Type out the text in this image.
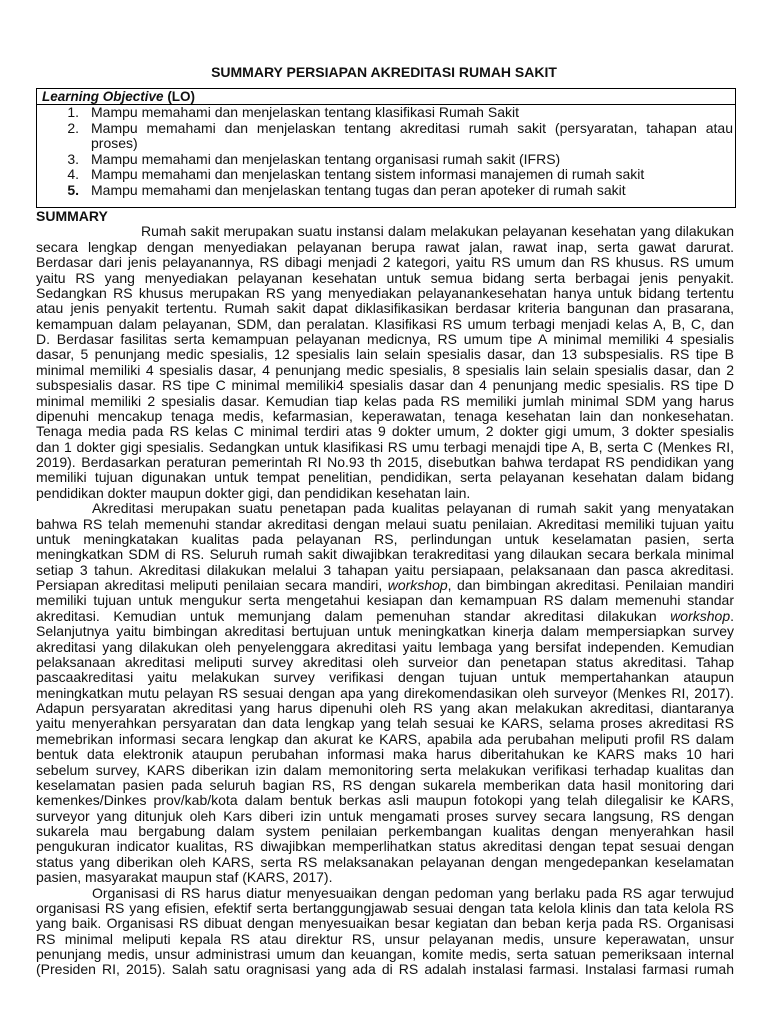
SUMMARY PERSIAPAN AKREDITASI RUMAH SAKIT
Learning Objective (LO)
1. Mampu memahami dan menjelaskan tentang klasifikasi Rumah Sakit
2. Mampu memahami dan menjelaskan tentang akreditasi rumah sakit (persyaratan, tahapan atau
proses)
3. Mampu memahami dan menjelaskan tentang organisasi rumah sakit (IFRS)
4. Mampu memahami dan menjelaskan tentang sistem informasi manajemen di rumah sakit
5. Mampu memahami dan menjelaskan tentang tugas dan peran apoteker di rumah sakit
SUMMARY
Rumah sakit merupakan suatu instansi dalam melakukan pelayanan kesehatan yang dilakukan
secara lengkap dengan menyediakan pelayanan berupa rawat jalan, rawat inap, serta gawat darurat.
Berdasar dari jenis pelayanannya, RS dibagi menjadi 2 kategori, yaitu RS umum dan RS khusus. RS umum
yaitu RS yang menyediakan pelayanan kesehatan untuk semua bidang serta berbagai jenis penyakit.
Sedangkan RS khusus merupakan RS yang menyediakan pelayanankesehatan hanya untuk bidang tertentu
atau jenis penyakit tertentu. Rumah sakit dapat diklasifikasikan berdasar kriteria bangunan dan prasarana,
kemampuan dalam pelayanan, SDM, dan peralatan. Klasifikasi RS umum terbagi menjadi kelas A, B, C, dan
D. Berdasar fasilitas serta kemampuan pelayanan medicnya, RS umum tipe A minimal memiliki 4 spesialis
dasar, 5 penunjang medic spesialis, 12 spesialis lain selain spesialis dasar, dan 13 subspesialis. RS tipe B
minimal memiliki 4 spesialis dasar, 4 penunjang medic spesialis, 8 spesialis lain selain spesialis dasar, dan 2
subspesialis dasar. RS tipe C minimal memiliki4 spesialis dasar dan 4 penunjang medic spesialis. RS tipe D
minimal memiliki 2 spesialis dasar. Kemudian tiap kelas pada RS memiliki jumlah minimal SDM yang harus
dipenuhi mencakup tenaga medis, kefarmasian, keperawatan, tenaga kesehatan lain dan nonkesehatan.
Tenaga media pada RS kelas C minimal terdiri atas 9 dokter umum, 2 dokter gigi umum, 3 dokter spesialis
dan 1 dokter gigi spesialis. Sedangkan untuk klasifikasi RS umu terbagi menajdi tipe A, B, serta C (Menkes RI,
2019). Berdasarkan peraturan pemerintah RI No.93 th 2015, disebutkan bahwa terdapat RS pendidikan yang
memiliki tujuan digunakan untuk tempat penelitian, pendidikan, serta pelayanan kesehatan dalam bidang
pendidikan dokter maupun dokter gigi, dan pendidikan kesehatan lain.
Akreditasi merupakan suatu penetapan pada kualitas pelayanan di rumah sakit yang menyatakan
bahwa RS telah memenuhi standar akreditasi dengan melaui suatu penilaian. Akreditasi memiliki tujuan yaitu
untuk meningkatakan kualitas pada pelayanan RS, perlindungan untuk keselamatan pasien, serta
meningkatkan SDM di RS. Seluruh rumah sakit diwajibkan terakreditasi yang dilaukan secara berkala minimal
setiap 3 tahun. Akreditasi dilakukan melalui 3 tahapan yaitu persiapaan, pelaksanaan dan pasca akreditasi.
Persiapan akreditasi meliputi penilaian secara mandiri, workshop, dan bimbingan akreditasi. Penilaian mandiri
memiliki tujuan untuk mengukur serta mengetahui kesiapan dan kemampuan RS dalam memenuhi standar
akreditasi. Kemudian untuk memunjang dalam pemenuhan standar akreditasi dilakukan workshop.
Selanjutnya yaitu bimbingan akreditasi bertujuan untuk meningkatkan kinerja dalam mempersiapkan survey
akreditasi yang dilakukan oleh penyelenggara akreditasi yaitu lembaga yang bersifat independen. Kemudian
pelaksanaan akreditasi meliputi survey akreditasi oleh surveior dan penetapan status akreditasi. Tahap
pascaakreditasi yaitu melakukan survey verifikasi dengan tujuan untuk mempertahankan ataupun
meningkatkan mutu pelayan RS sesuai dengan apa yang direkomendasikan oleh surveyor (Menkes RI, 2017).
Adapun persyaratan akreditasi yang harus dipenuhi oleh RS yang akan melakukan akreditasi, diantaranya
yaitu menyerahkan persyaratan dan data lengkap yang telah sesuai ke KARS, selama proses akreditasi RS
memebrikan informasi secara lengkap dan akurat ke KARS, apabila ada perubahan meliputi profil RS dalam
bentuk data elektronik ataupun perubahan informasi maka harus diberitahukan ke KARS maks 10 hari
sebelum survey, KARS diberikan izin dalam memonitoring serta melakukan verifikasi terhadap kualitas dan
keselamatan pasien pada seluruh bagian RS, RS dengan sukarela memberikan data hasil monitoring dari
kemenkes/Dinkes prov/kab/kota dalam bentuk berkas asli maupun fotokopi yang telah dilegalisir ke KARS,
surveyor yang ditunjuk oleh Kars diberi izin untuk mengamati proses survey secara langsung, RS dengan
sukarela mau bergabung dalam system penilaian perkembangan kualitas dengan menyerahkan hasil
pengukuran indicator kualitas, RS diwajibkan memperlihatkan status akreditasi dengan tepat sesuai dengan
status yang diberikan oleh KARS, serta RS melaksanakan pelayanan dengan mengedepankan keselamatan
pasien, masyarakat maupun staf (KARS, 2017).
Organisasi di RS harus diatur menyesuaikan dengan pedoman yang berlaku pada RS agar terwujud
organisasi RS yang efisien, efektif serta bertanggungjawab sesuai dengan tata kelola klinis dan tata kelola RS
yang baik. Organisasi RS dibuat dengan menyesuaikan besar kegiatan dan beban kerja pada RS. Organisasi
RS minimal meliputi kepala RS atau direktur RS, unsur pelayanan medis, unsure keperawatan, unsur
penunjang medis, unsur administrasi umum dan keuangan, komite medis, serta satuan pemeriksaan internal
(Presiden RI, 2015). Salah satu oragnisasi yang ada di RS adalah instalasi farmasi. Instalasi farmasi rumah
